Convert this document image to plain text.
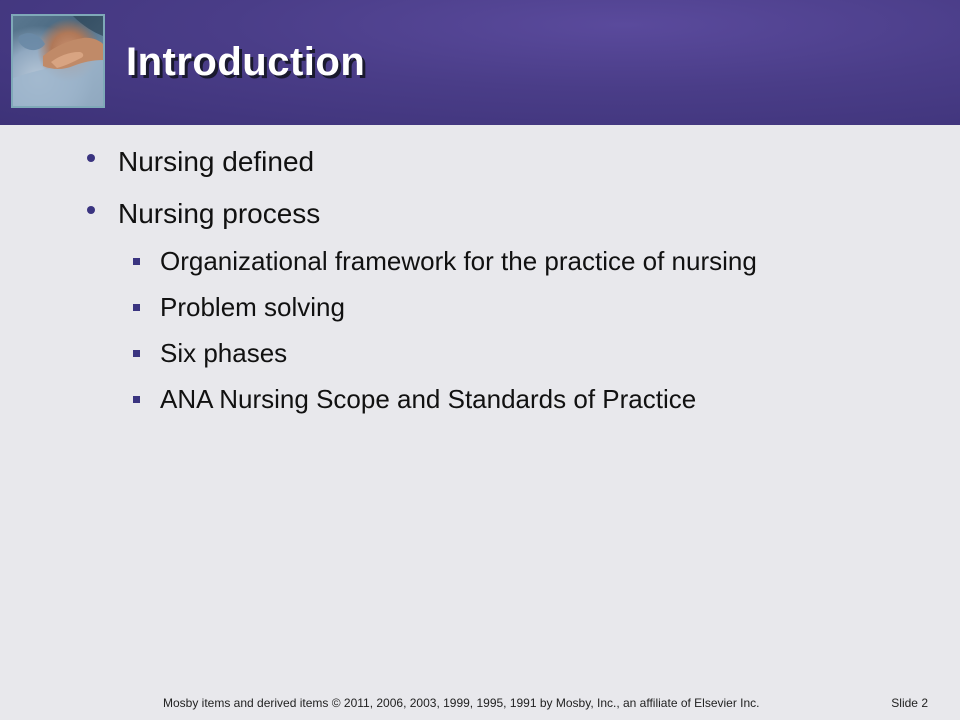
Introduction
Nursing defined
Nursing process
Organizational framework for the practice of nursing
Problem solving
Six phases
ANA Nursing Scope and Standards of Practice
Mosby items and derived items © 2011, 2006, 2003, 1999, 1995, 1991 by Mosby, Inc., an affiliate of Elsevier Inc.	Slide 2
